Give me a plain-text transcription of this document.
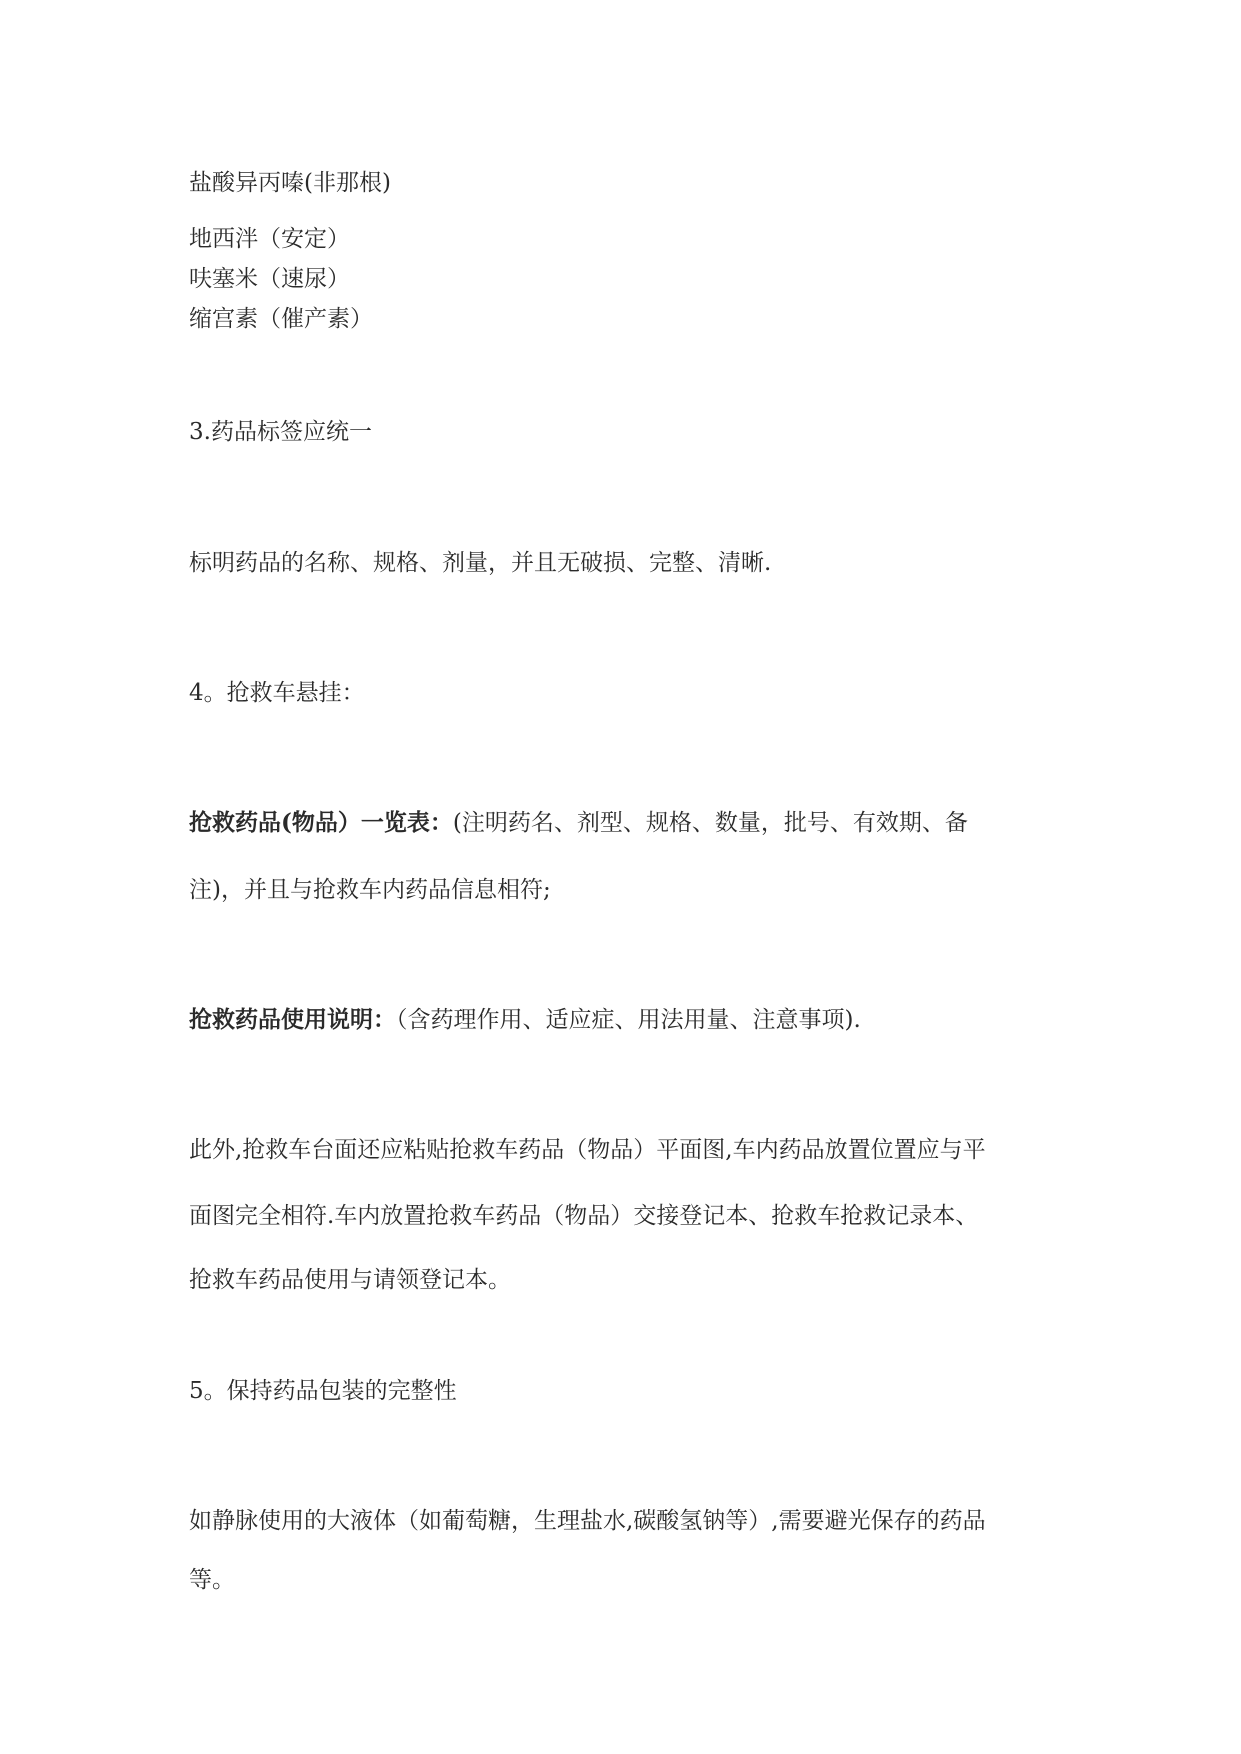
盐酸异丙嗪(非那根)
地西泮（安定）
呋塞米（速尿）
缩宫素（催产素）
3.药品标签应统一
标明药品的名称、规格、剂量，并且无破损、完整、清晰.
4。抢救车悬挂：
抢救药品(物品）一览表：(注明药名、剂型、规格、数量，批号、有效期、备
注)，并且与抢救车内药品信息相符;
抢救药品使用说明：（含药理作用、适应症、用法用量、注意事项).
此外,抢救车台面还应粘贴抢救车药品（物品）平面图,车内药品放置位置应与平
面图完全相符.车内放置抢救车药品（物品）交接登记本、抢救车抢救记录本、
抢救车药品使用与请领登记本。
5。保持药品包装的完整性
如静脉使用的大液体（如葡萄糖，生理盐水,碳酸氢钠等）,需要避光保存的药品
等。
